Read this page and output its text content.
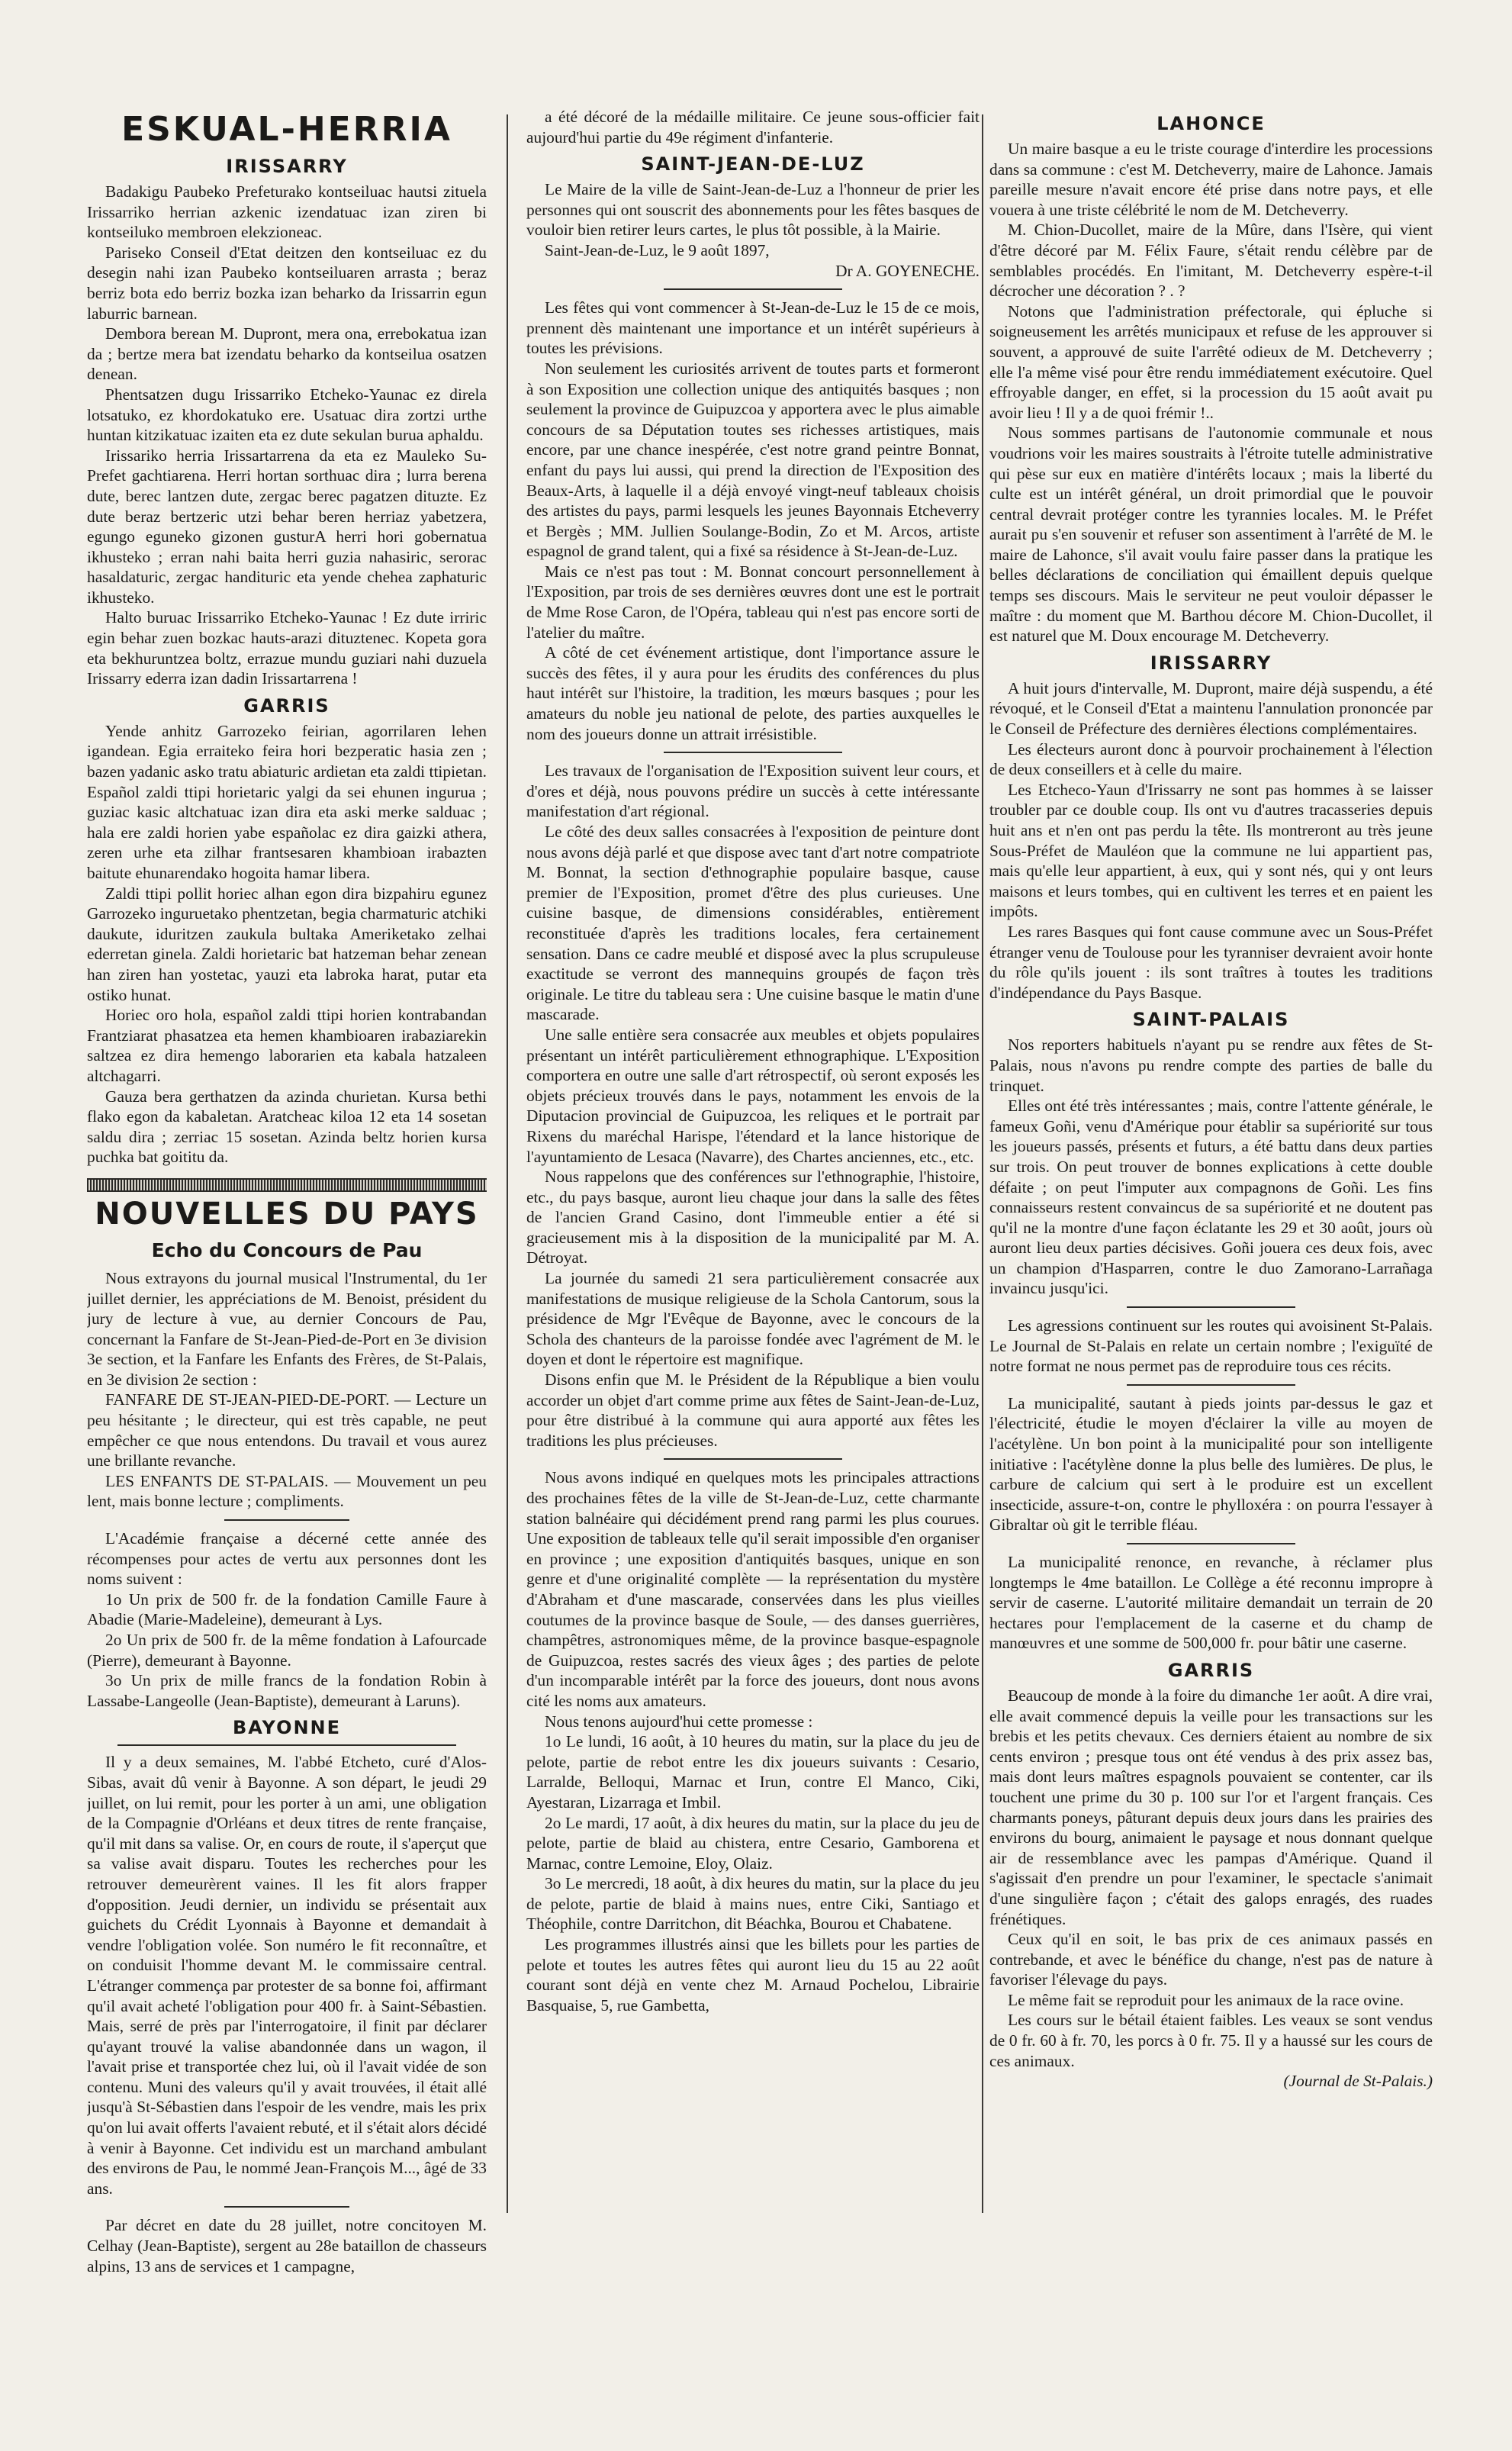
ESKUAL-HERRIA
IRISSARRY

Badakigu Paubeko Prefeturako kontseiluac hautsi zituela Irissarriko herrian azkenic izendatuac izan ziren bi kontseiluko membroen elekzioneac.

Pariseko Conseil d'Etat deitzen den kontseiluac ez du desegin nahi izan Paubeko kontseiluaren arrasta ; beraz berriz bota edo berriz bozka izan beharko da Irissarrin egun laburric barnean.

Dembora berean M. Dupront, mera ona, errebokatua izan da ; bertze mera bat izendatu beharko da kontseilua osatzen denean.

Phentsatzen dugu Irissarriko Etcheko-Yaunac ez direla lotsatuko, ez khordokatuko ere. Usatuac dira zortzi urthe huntan kitzikatuac izaiten eta ez dute sekulan burua aphaldu.

Irissariko herria Irissartarrena da eta ez Mauleko Su-Prefet gachtiarena. Herri hortan sorthuac dira ; lurra berena dute, berec lantzen dute, zergac berec pagatzen dituzte. Ez dute beraz bertzeric utzi behar beren herriaz yabetzera, egungo eguneko gizonen gusturA herri hori gobernatua ikhusteko ; erran nahi baita herri guzia nahasiric, serorac hasaldaturic, zergac handituric eta yende chehea zaphaturic ikhusteko.

Halto buruac Irissarriko Etcheko-Yaunac ! Ez dute irriric egin behar zuen bozkac hauts-arazi dituztenec. Kopeta gora eta bekhuruntzea boltz, errazue mundu guziari nahi duzuela Irissarry ederra izan dadin Irissartarrena !

GARRIS

Yende anhitz Garrozeko feirian, agorrilaren lehen igandean. Egia erraiteko feira hori bezperatic hasia zen ; bazen yadanic asko tratu abiaturic ardietan eta zaldi ttipietan. Español zaldi ttipi horietaric yalgi da sei ehunen ingurua ; guziac kasic altchatuac izan dira eta aski merke salduac ; hala ere zaldi horien yabe españolac ez dira gaizki athera, zeren urhe eta zilhar frantsesaren khambioan irabazten baitute ehunarendako hogoita hamar libera.

Zaldi ttipi pollit horiec alhan egon dira bizpahiru egunez Garrozeko inguruetako phentzetan, begia charmaturic atchiki daukute, iduritzen zaukula bultaka Ameriketako zelhai ederretan ginela. Zaldi horietaric bat hatzeman behar zenean han ziren han yostetac, yauzi eta labroka harat, putar eta ostiko hunat.

Horiec oro hola, español zaldi ttipi horien kontrabandan Frantziarat phasatzea eta hemen khambioaren irabaziarekin saltzea ez dira hemengo laborarien eta kabala hatzaleen altchagarri.

Gauza bera gerthatzen da azinda churietan. Kursa bethi flako egon da kabaletan. Aratcheac kiloa 12 eta 14 sosetan saldu dira ; zerriac 15 sosetan. Azinda beltz horien kursa puchka bat goititu da.

NOUVELLES DU PAYS
Echo du Concours de Pau

Nous extrayons du journal musical l'Instrumental, du 1er juillet dernier, les appréciations de M. Benoist, président du jury de lecture à vue, au dernier Concours de Pau, concernant la Fanfare de St-Jean-Pied-de-Port en 3e division 3e section, et la Fanfare les Enfants des Frères, de St-Palais, en 3e division 2e section :

FANFARE DE ST-JEAN-PIED-DE-PORT. — Lecture un peu hésitante ; le directeur, qui est très capable, ne peut empêcher ce que nous entendons. Du travail et vous aurez une brillante revanche.

LES ENFANTS DE ST-PALAIS. — Mouvement un peu lent, mais bonne lecture ; compliments.

L'Académie française a décerné cette année des récompenses pour actes de vertu aux personnes dont les noms suivent :

1o Un prix de 500 fr. de la fondation Camille Faure à Abadie (Marie-Madeleine), demeurant à Lys.

2o Un prix de 500 fr. de la même fondation à Lafourcade (Pierre), demeurant à Bayonne.

3o Un prix de mille francs de la fondation Robin à Lassabe-Langeolle (Jean-Baptiste), demeurant à Laruns).

BAYONNE

Il y a deux semaines, M. l'abbé Etcheto, curé d'Alos-Sibas, avait dû venir à Bayonne. A son départ, le jeudi 29 juillet, on lui remit, pour les porter à un ami, une obligation de la Compagnie d'Orléans et deux titres de rente française, qu'il mit dans sa valise. Or, en cours de route, il s'aperçut que sa valise avait disparu. Toutes les recherches pour les retrouver demeurèrent vaines. Il les fit alors frapper d'opposition. Jeudi dernier, un individu se présentait aux guichets du Crédit Lyonnais à Bayonne et demandait à vendre l'obligation volée. Son numéro le fit reconnaître, et on conduisit l'homme devant M. le commissaire central. L'étranger commença par protester de sa bonne foi, affirmant qu'il avait acheté l'obligation pour 400 fr. à Saint-Sébastien. Mais, serré de près par l'interrogatoire, il finit par déclarer qu'ayant trouvé la valise abandonnée dans un wagon, il l'avait prise et transportée chez lui, où il l'avait vidée de son contenu. Muni des valeurs qu'il y avait trouvées, il était allé jusqu'à St-Sébastien dans l'espoir de les vendre, mais les prix qu'on lui avait offerts l'avaient rebuté, et il s'était alors décidé à venir à Bayonne. Cet individu est un marchand ambulant des environs de Pau, le nommé Jean-François M..., âgé de 33 ans.

Par décret en date du 28 juillet, notre concitoyen M. Celhay (Jean-Baptiste), sergent au 28e bataillon de chasseurs alpins, 13 ans de services et 1 campagne,

a été décoré de la médaille militaire. Ce jeune sous-officier fait aujourd'hui partie du 49e régiment d'infanterie.

SAINT-JEAN-DE-LUZ

Le Maire de la ville de Saint-Jean-de-Luz a l'honneur de prier les personnes qui ont souscrit des abonnements pour les fêtes basques de vouloir bien retirer leurs cartes, le plus tôt possible, à la Mairie.

Saint-Jean-de-Luz, le 9 août 1897,

Dr A. GOYENECHE.

Les fêtes qui vont commencer à St-Jean-de-Luz le 15 de ce mois, prennent dès maintenant une importance et un intérêt supérieurs à toutes les prévisions.

Non seulement les curiosités arrivent de toutes parts et formeront à son Exposition une collection unique des antiquités basques ; non seulement la province de Guipuzcoa y apportera avec le plus aimable concours de sa Députation toutes ses richesses artistiques, mais encore, par une chance inespérée, c'est notre grand peintre Bonnat, enfant du pays lui aussi, qui prend la direction de l'Exposition des Beaux-Arts, à laquelle il a déjà envoyé vingt-neuf tableaux choisis des artistes du pays, parmi lesquels les jeunes Bayonnais Etcheverry et Bergès ; MM. Jullien Soulange-Bodin, Zo et M. Arcos, artiste espagnol de grand talent, qui a fixé sa résidence à St-Jean-de-Luz.

Mais ce n'est pas tout : M. Bonnat concourt personnellement à l'Exposition, par trois de ses dernières œuvres dont une est le portrait de Mme Rose Caron, de l'Opéra, tableau qui n'est pas encore sorti de l'atelier du maître.

A côté de cet événement artistique, dont l'importance assure le succès des fêtes, il y aura pour les érudits des conférences du plus haut intérêt sur l'histoire, la tradition, les mœurs basques ; pour les amateurs du noble jeu national de pelote, des parties auxquelles le nom des joueurs donne un attrait irrésistible.

Les travaux de l'organisation de l'Exposition suivent leur cours, et d'ores et déjà, nous pouvons prédire un succès à cette intéressante manifestation d'art régional.

Le côté des deux salles consacrées à l'exposition de peinture dont nous avons déjà parlé et que dispose avec tant d'art notre compatriote M. Bonnat, la section d'ethnographie populaire basque, cause premier de l'Exposition, promet d'être des plus curieuses. Une cuisine basque, de dimensions considérables, entièrement reconstituée d'après les traditions locales, fera certainement sensation. Dans ce cadre meublé et disposé avec la plus scrupuleuse exactitude se verront des mannequins groupés de façon très originale. Le titre du tableau sera : Une cuisine basque le matin d'une mascarade.

Une salle entière sera consacrée aux meubles et objets populaires présentant un intérêt particulièrement ethnographique. L'Exposition comportera en outre une salle d'art rétrospectif, où seront exposés les objets précieux trouvés dans le pays, notamment les envois de la Diputacion provincial de Guipuzcoa, les reliques et le portrait par Rixens du maréchal Harispe, l'étendard et la lance historique de l'ayuntamiento de Lesaca (Navarre), des Chartes anciennes, etc., etc.

Nous rappelons que des conférences sur l'ethnographie, l'histoire, etc., du pays basque, auront lieu chaque jour dans la salle des fêtes de l'ancien Grand Casino, dont l'immeuble entier a été si gracieusement mis à la disposition de la municipalité par M. A. Détroyat.

La journée du samedi 21 sera particulièrement consacrée aux manifestations de musique religieuse de la Schola Cantorum, sous la présidence de Mgr l'Evêque de Bayonne, avec le concours de la Schola des chanteurs de la paroisse fondée avec l'agrément de M. le doyen et dont le répertoire est magnifique.

Disons enfin que M. le Président de la République a bien voulu accorder un objet d'art comme prime aux fêtes de Saint-Jean-de-Luz, pour être distribué à la commune qui aura apporté aux fêtes les traditions les plus précieuses.

Nous avons indiqué en quelques mots les principales attractions des prochaines fêtes de la ville de St-Jean-de-Luz, cette charmante station balnéaire qui décidément prend rang parmi les plus courues. Une exposition de tableaux telle qu'il serait impossible d'en organiser en province ; une exposition d'antiquités basques, unique en son genre et d'une originalité complète — la représentation du mystère d'Abraham et d'une mascarade, conservées dans les plus vieilles coutumes de la province basque de Soule, — des danses guerrières, champêtres, astronomiques même, de la province basque-espagnole de Guipuzcoa, restes sacrés des vieux âges ; des parties de pelote d'un incomparable intérêt par la force des joueurs, dont nous avons cité les noms aux amateurs.

Nous tenons aujourd'hui cette promesse :

1o Le lundi, 16 août, à 10 heures du matin, sur la place du jeu de pelote, partie de rebot entre les dix joueurs suivants : Cesario, Larralde, Belloqui, Marnac et Irun, contre El Manco, Ciki, Ayestaran, Lizarraga et Imbil.

2o Le mardi, 17 août, à dix heures du matin, sur la place du jeu de pelote, partie de blaid au chistera, entre Cesario, Gamborena et Marnac, contre Lemoine, Eloy, Olaiz.

3o Le mercredi, 18 août, à dix heures du matin, sur la place du jeu de pelote, partie de blaid à mains nues, entre Ciki, Santiago et Théophile, contre Darritchon, dit Béachka, Bourou et Chabatene.

Les programmes illustrés ainsi que les billets pour les parties de pelote et toutes les autres fêtes qui auront lieu du 15 au 22 août courant sont déjà en vente chez M. Arnaud Pochelou, Librairie Basquaise, 5, rue Gambetta,

LAHONCE

Un maire basque a eu le triste courage d'interdire les processions dans sa commune : c'est M. Detcheverry, maire de Lahonce. Jamais pareille mesure n'avait encore été prise dans notre pays, et elle vouera à une triste célébrité le nom de M. Detcheverry.

M. Chion-Ducollet, maire de la Mûre, dans l'Isère, qui vient d'être décoré par M. Félix Faure, s'était rendu célèbre par de semblables procédés. En l'imitant, M. Detcheverry espère-t-il décrocher une décoration ? . ?

Notons que l'administration préfectorale, qui épluche si soigneusement les arrêtés municipaux et refuse de les approuver si souvent, a approuvé de suite l'arrêté odieux de M. Detcheverry ; elle l'a même visé pour être rendu immédiatement exécutoire. Quel effroyable danger, en effet, si la procession du 15 août avait pu avoir lieu ! Il y a de quoi frémir !..

Nous sommes partisans de l'autonomie communale et nous voudrions voir les maires soustraits à l'étroite tutelle administrative qui pèse sur eux en matière d'intérêts locaux ; mais la liberté du culte est un intérêt général, un droit primordial que le pouvoir central devrait protéger contre les tyrannies locales. M. le Préfet aurait pu s'en souvenir et refuser son assentiment à l'arrêté de M. le maire de Lahonce, s'il avait voulu faire passer dans la pratique les belles déclarations de conciliation qui émaillent depuis quelque temps ses discours. Mais le serviteur ne peut vouloir dépasser le maître : du moment que M. Barthou décore M. Chion-Ducollet, il est naturel que M. Doux encourage M. Detcheverry.

IRISSARRY

A huit jours d'intervalle, M. Dupront, maire déjà suspendu, a été révoqué, et le Conseil d'Etat a maintenu l'annulation prononcée par le Conseil de Préfecture des dernières élections complémentaires.

Les électeurs auront donc à pourvoir prochainement à l'élection de deux conseillers et à celle du maire.

Les Etcheco-Yaun d'Irissarry ne sont pas hommes à se laisser troubler par ce double coup. Ils ont vu d'autres tracasseries depuis huit ans et n'en ont pas perdu la tête. Ils montreront au très jeune Sous-Préfet de Mauléon que la commune ne lui appartient pas, mais qu'elle leur appartient, à eux, qui y sont nés, qui y ont leurs maisons et leurs tombes, qui en cultivent les terres et en paient les impôts.

Les rares Basques qui font cause commune avec un Sous-Préfet étranger venu de Toulouse pour les tyranniser devraient avoir honte du rôle qu'ils jouent : ils sont traîtres à toutes les traditions d'indépendance du Pays Basque.

SAINT-PALAIS

Nos reporters habituels n'ayant pu se rendre aux fêtes de St-Palais, nous n'avons pu rendre compte des parties de balle du trinquet.

Elles ont été très intéressantes ; mais, contre l'attente générale, le fameux Goñi, venu d'Amérique pour établir sa supériorité sur tous les joueurs passés, présents et futurs, a été battu dans deux parties sur trois. On peut trouver de bonnes explications à cette double défaite ; on peut l'imputer aux compagnons de Goñi. Les fins connaisseurs restent convaincus de sa supériorité et ne doutent pas qu'il ne la montre d'une façon éclatante les 29 et 30 août, jours où auront lieu deux parties décisives. Goñi jouera ces deux fois, avec un champion d'Hasparren, contre le duo Zamorano-Larrañaga invaincu jusqu'ici.

Les agressions continuent sur les routes qui avoisinent St-Palais. Le Journal de St-Palais en relate un certain nombre ; l'exiguïté de notre format ne nous permet pas de reproduire tous ces récits.

La municipalité, sautant à pieds joints par-dessus le gaz et l'électricité, étudie le moyen d'éclairer la ville au moyen de l'acétylène. Un bon point à la municipalité pour son intelligente initiative : l'acétylène donne la plus belle des lumières. De plus, le carbure de calcium qui sert à le produire est un excellent insecticide, assure-t-on, contre le phylloxéra : on pourra l'essayer à Gibraltar où git le terrible fléau.

La municipalité renonce, en revanche, à réclamer plus longtemps le 4me bataillon. Le Collège a été reconnu impropre à servir de caserne. L'autorité militaire demandait un terrain de 20 hectares pour l'emplacement de la caserne et du champ de manœuvres et une somme de 500,000 fr. pour bâtir une caserne.

GARRIS

Beaucoup de monde à la foire du dimanche 1er août. A dire vrai, elle avait commencé depuis la veille pour les transactions sur les brebis et les petits chevaux. Ces derniers étaient au nombre de six cents environ ; presque tous ont été vendus à des prix assez bas, mais dont leurs maîtres espagnols pouvaient se contenter, car ils touchent une prime du 30 p. 100 sur l'or et l'argent français. Ces charmants poneys, pâturant depuis deux jours dans les prairies des environs du bourg, animaient le paysage et nous donnant quelque air de ressemblance avec les pampas d'Amérique. Quand il s'agissait d'en prendre un pour l'examiner, le spectacle s'animait d'une singulière façon ; c'était des galops enragés, des ruades frénétiques.

Ceux qu'il en soit, le bas prix de ces animaux passés en contrebande, et avec le bénéfice du change, n'est pas de nature à favoriser l'élevage du pays.

Le même fait se reproduit pour les animaux de la race ovine.

Les cours sur le bétail étaient faibles. Les veaux se sont vendus de 0 fr. 60 à fr. 70, les porcs à 0 fr. 75. Il y a haussé sur les cours de ces animaux.

(Journal de St-Palais.)
